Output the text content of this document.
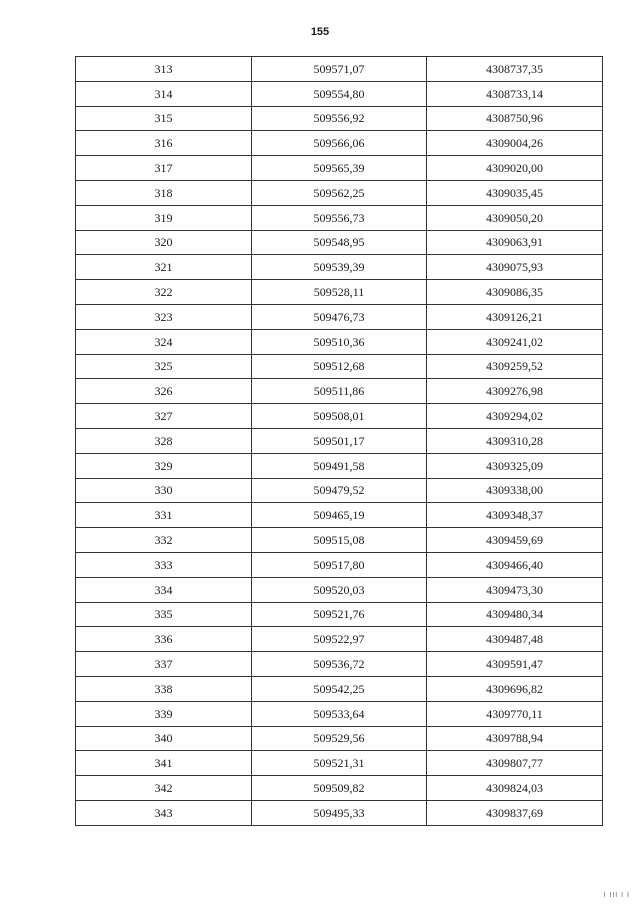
155
313	509571,07	4308737,35
314	509554,80	4308733,14
315	509556,92	4308750,96
316	509566,06	4309004,26
317	509565,39	4309020,00
318	509562,25	4309035,45
319	509556,73	4309050,20
320	509548,95	4309063,91
321	509539,39	4309075,93
322	509528,11	4309086,35
323	509476,73	4309126,21
324	509510,36	4309241,02
325	509512,68	4309259,52
326	509511,86	4309276,98
327	509508,01	4309294,02
328	509501,17	4309310,28
329	509491,58	4309325,09
330	509479,52	4309338,00
331	509465,19	4309348,37
332	509515,08	4309459,69
333	509517,80	4309466,40
334	509520,03	4309473,30
335	509521,76	4309480,34
336	509522,97	4309487,48
337	509536,72	4309591,47
338	509542,25	4309696,82
339	509533,64	4309770,11
340	509529,56	4309788,94
341	509521,31	4309807,77
342	509509,82	4309824,03
343	509495,33	4309837,69
I III I I
